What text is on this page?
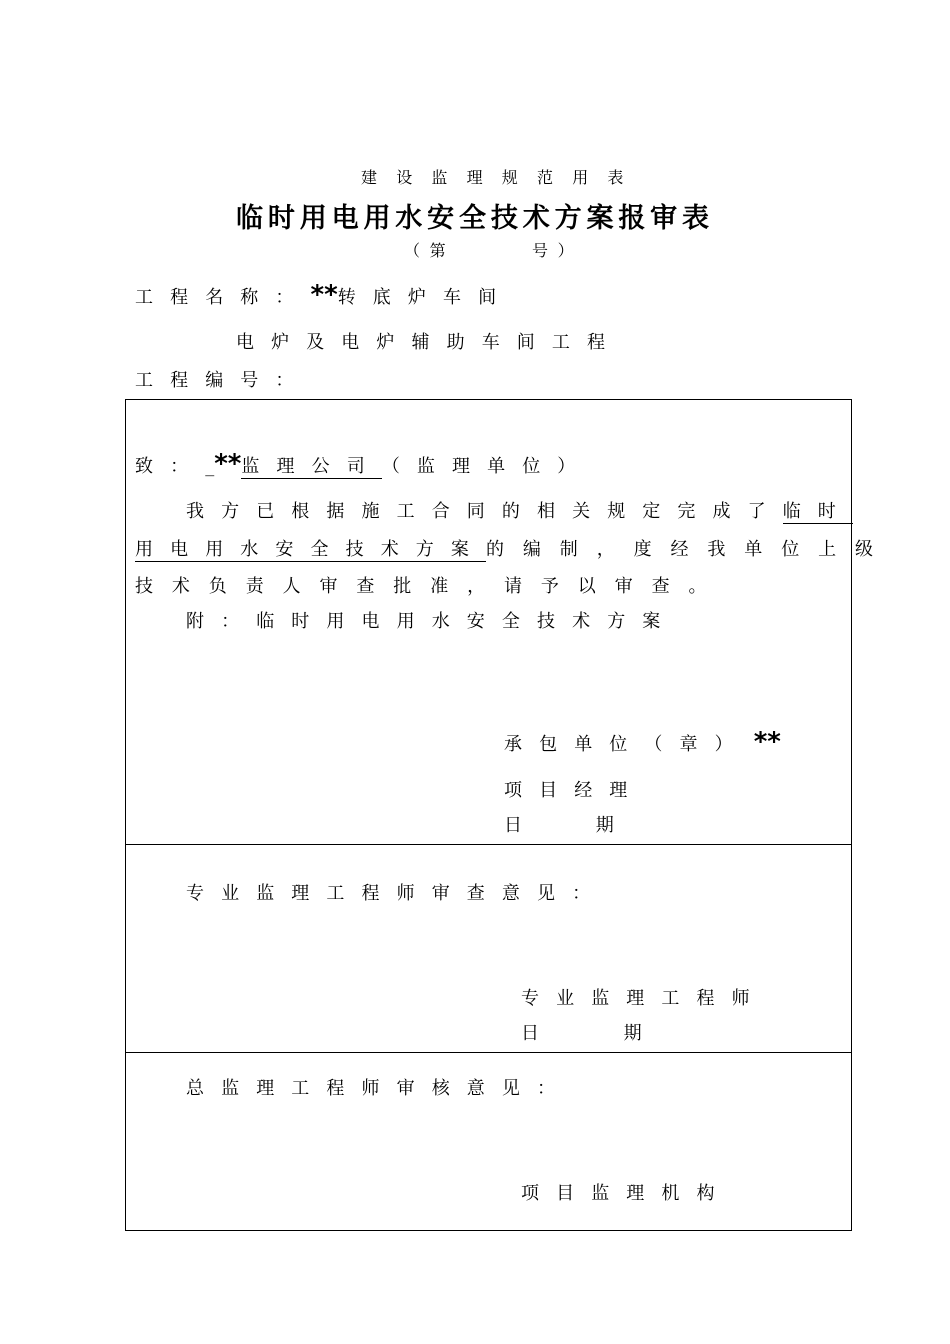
建设监理规范用表
临时用电用水安全技术方案报审表
（第　　　号）
工程名称：**转底炉车间
电炉及电炉辅助车间工程
工程编号：
致：_**监理公司（监理单位）
我方已根据施工合同的相关规定完成了临时
用电用水安全技术方案的编制，度经我单位上级
技术负责人审查批准，请予以审查。
附：临时用电用水安全技术方案
承包单位（章） **
项目经理
日　　期
专业监理工程师审查意见：
专业监理工程师
日　　期
总监理工程师审核意见：
项目监理机构
